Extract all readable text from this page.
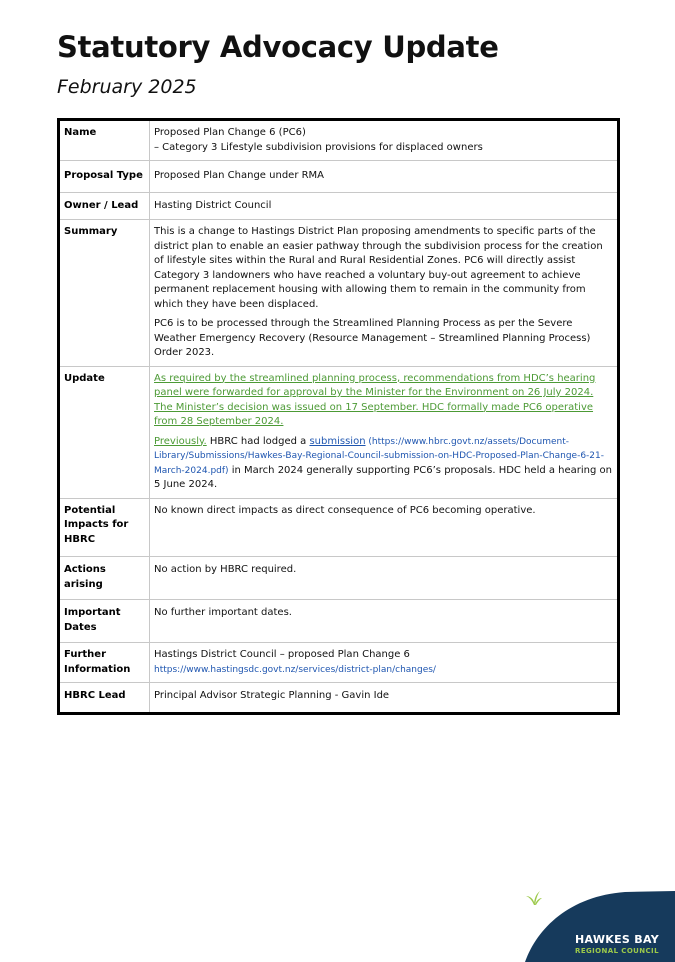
Statutory Advocacy Update

February 2025

Name	Proposed Plan Change 6 (PC6)
– Category 3 Lifestyle subdivision provisions for displaced owners

Proposal Type	Proposed Plan Change under RMA
Owner / Lead	Hasting District Council
Summary	This is a change to Hastings District Plan proposing amendments to specific parts of the district plan to enable an easier pathway through the subdivision process for the creation of lifestyle sites within the Rural and Rural Residential Zones. PC6 will directly assist Category 3 landowners who have reached a voluntary buy-out agreement to achieve permanent replacement housing with allowing them to remain in the community from which they have been displaced.

PC6 is to be processed through the Streamlined Planning Process as per the Severe Weather Emergency Recovery (Resource Management – Streamlined Planning Process) Order 2023.

Update	As required by the streamlined planning process, recommendations from HDC’s hearing panel were forwarded for approval by the Minister for the Environment on 26 July 2024. The Minister’s decision was issued on 17 September. HDC formally made PC6 operative from 28 September 2024.

Previously. HBRC had lodged a submission (https://www.hbrc.govt.nz/assets/Document-Library/Submissions/Hawkes-Bay-Regional-Council-submission-on-HDC-Proposed-Plan-Change-6-21-March-2024.pdf) in March 2024 generally supporting PC6’s proposals. HDC held a hearing on 5 June 2024.

Potential Impacts for HBRC	No known direct impacts as direct consequence of PC6 becoming operative.
Actions arising	No action by HBRC required.
Important Dates	No further important dates.
Further Information	Hastings District Council – proposed Plan Change 6
https://www.hastingsdc.govt.nz/services/district-plan/changes/

HBRC Lead	Principal Advisor Strategic Planning - Gavin Ide
HAWKES BAY
REGIONAL COUNCIL
